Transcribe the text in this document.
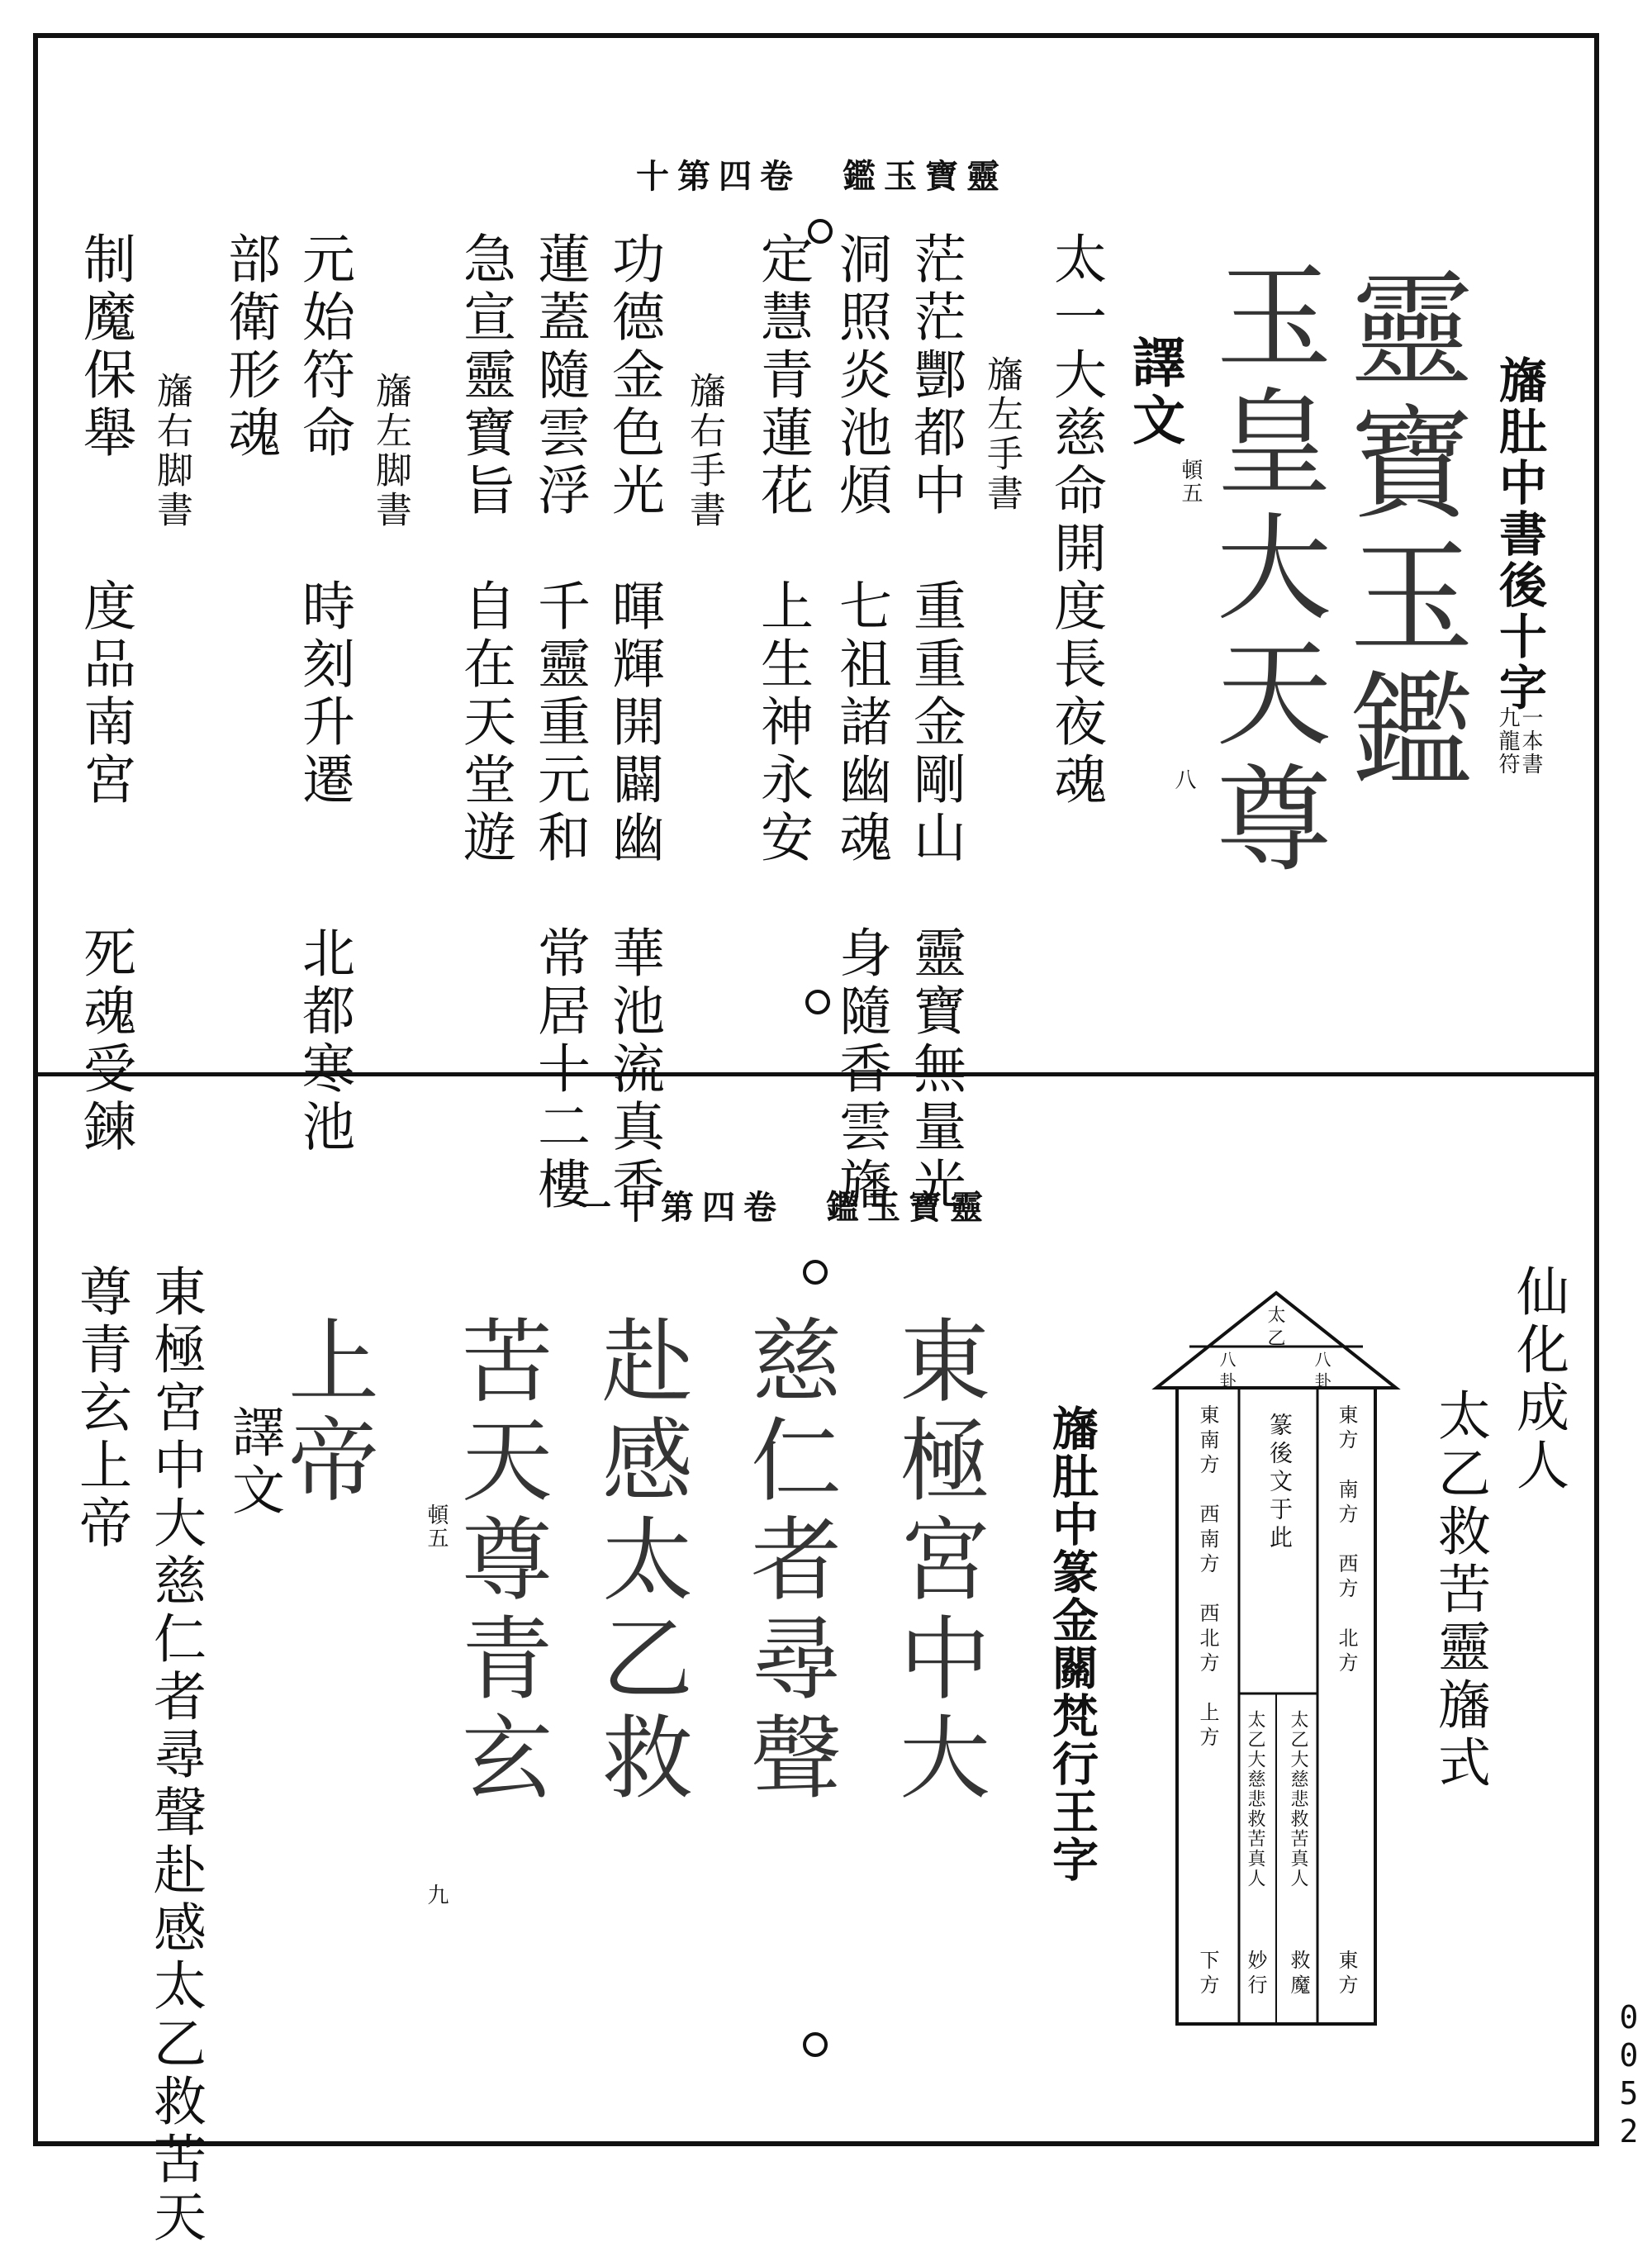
十第四卷　鑑玉寶靈
旛肚中書後十字
一本書
九龍符
靈寶玉鑑
玉皇大天尊
頓五
八
譯文
太一大慈命開度長夜魂
旛左手書
茫茫酆都中　重重金剛山　靈寶無量光
洞照炎池煩　七祖諸幽魂　身隨香雲旛
定慧青蓮花　上生神永安
旛右手書
功德金色光　暉輝開闢幽　華池流真香
蓮蓋隨雲浮　千靈重元和　常居十二樓
急宣靈寶旨　自在天堂遊
旛左脚書
元始符命　　時刻升遷　　北都寒池
部衛形魂
旛右脚書
制魔保舉　　度品南宮　　死魂受鍊
一十第四卷　鑑玉寶靈
仙化成人
太乙救苦靈旛式
太乙
八卦	八卦
東南方　西南方　西北方　上方 篆後文于此
太乙大慈悲救苦真人 太乙大慈悲救苦真人
東方　南方　西方　北方
下方 妙行 救魔 東方
旛肚中篆金關梵行王字
東極宮中大
慈仁者尋聲
赴感太乙救
苦天尊青玄
上帝
頓五
九
譯文
東極宮中大慈仁者尋聲赴感太乙救苦天
尊青玄上帝
0052
